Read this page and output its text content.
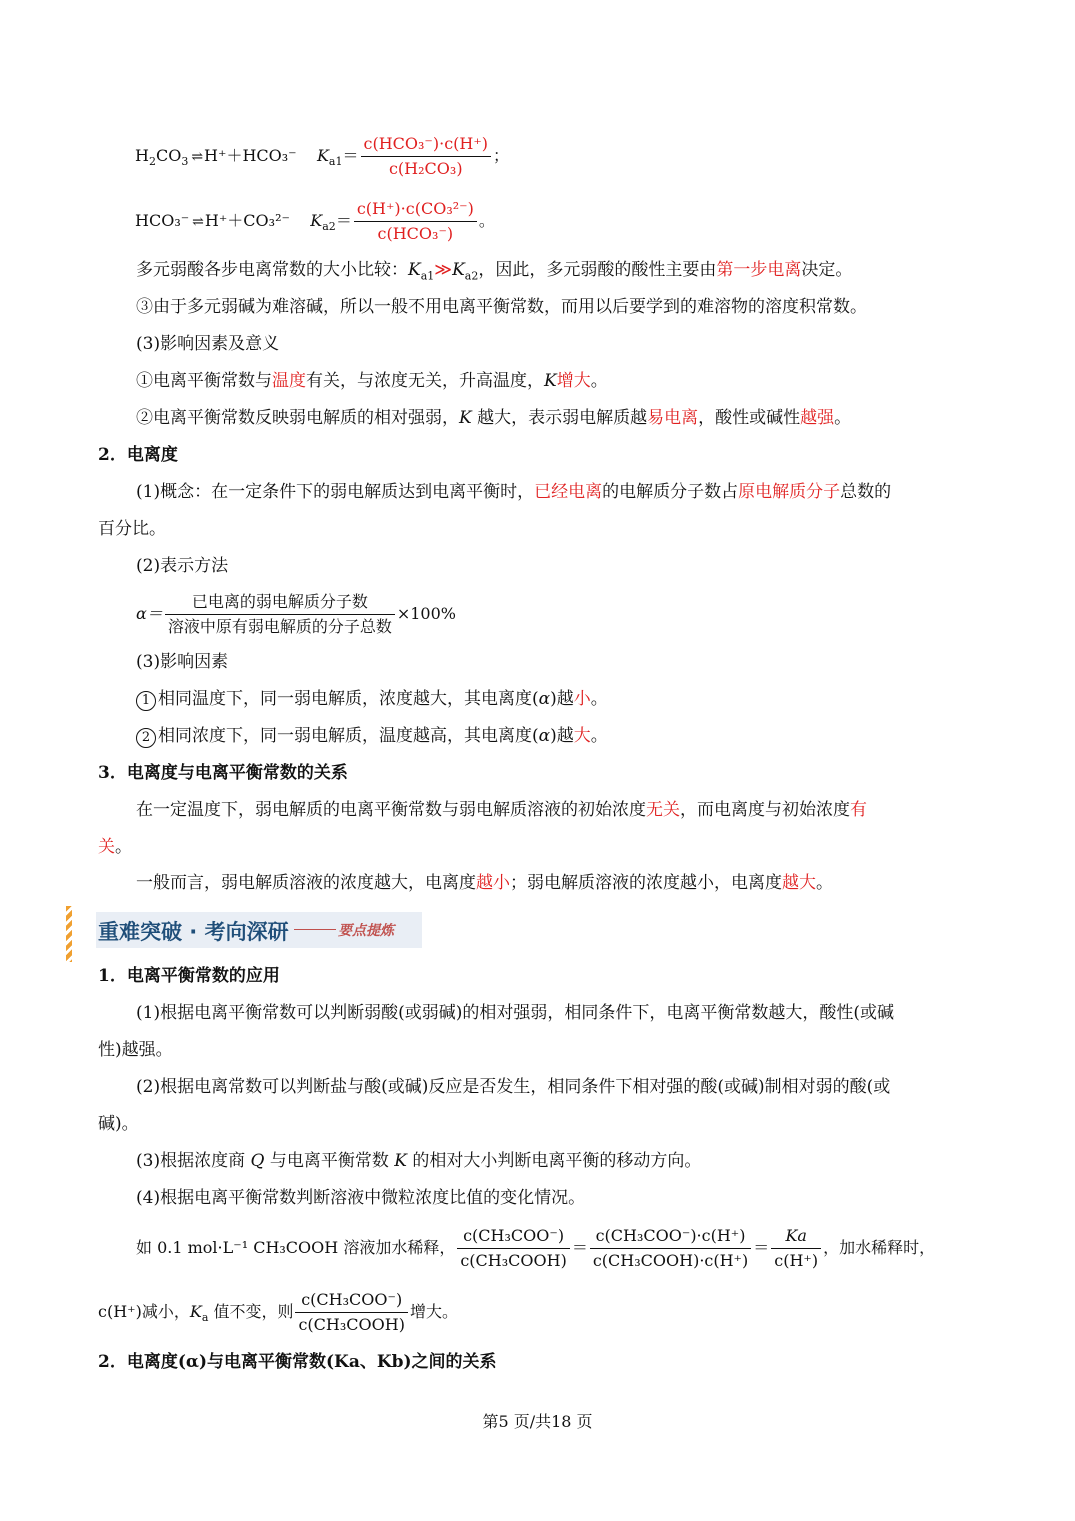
$H_2CO_3$ ⇌ H⁺＋HCO₃⁻ $K_{a1}= \frac{\text{c(HCO₃⁻)·c(H⁺)}}{\text{c(H₂CO₃)}}$ ；
HCO₃⁻ ⇌ H⁺＋CO₃²⁻ $K_{a2}= \frac{\text{c(H⁺)·c(CO₃²⁻)}}{\text{c(HCO₃⁻)}}$ 。
多元弱酸各步电离常数的大小比较：$K_{a1}≫K_{a2}$，因此，多元弱酸的酸性主要由第一步电离决定。
③由于多元弱碱为难溶碱，所以一般不用电离平衡常数，而用以后要学到的难溶物的溶度积常数。
(3)影响因素及意义
①电离平衡常数与温度有关，与浓度无关，升高温度，K增大。
②电离平衡常数反映弱电解质的相对强弱，K 越大，表示弱电解质越易电离，酸性或碱性越强。
2．电离度
(1)概念：在一定条件下的弱电解质达到电离平衡时，已经电离的电解质分子数占原电解质分子总数的
百分比。
(2)表示方法
$\alpha= \frac{\text{已电离的弱电解质分子数}}{\text{溶液中原有弱电解质的分子总数}} \times 100\%$
(3)影响因素
1 相同温度下，同一弱电解质，浓度越大，其电离度(α)越小。
2 相同浓度下，同一弱电解质，温度越高，其电离度(α)越大。
3．电离度与电离平衡常数的关系
在一定温度下，弱电解质的电离平衡常数与弱电解质溶液的初始浓度无关，而电离度与初始浓度有
关。
一般而言，弱电解质溶液的浓度越大，电离度越小；弱电解质溶液的浓度越小，电离度越大。
重难突破 · 考向深研	要点提炼
1．电离平衡常数的应用
(1)根据电离平衡常数可以判断弱酸(或弱碱)的相对强弱，相同条件下，电离平衡常数越大，酸性(或碱
性)越强。
(2)根据电离常数可以判断盐与酸(或碱)反应是否发生，相同条件下相对强的酸(或碱)制相对弱的酸(或
碱)。
(3)根据浓度商 Q 与电离平衡常数 K 的相对大小判断电离平衡的移动方向。
(4)根据电离平衡常数判断溶液中微粒浓度比值的变化情况。
如 0.1 mol·L⁻¹ CH₃COOH 溶液加水稀释， $\frac{\text{c(CH₃COO⁻)}}{\text{c(CH₃COOH)}} = \frac{\text{c(CH₃COO⁻)·c(H⁺)}}{\text{c(CH₃COOH)·c(H⁺)}} = \frac{Ka}{c(H^+)}$ ，加水稀释时，
c(H⁺)减小，$K_a$ 值不变，则 $\frac{\text{c(CH₃COO⁻)}}{\text{c(CH₃COOH)}}$ 增大。
2．电离度(α)与电离平衡常数(Ka、Kb)之间的关系
第5 页/共18 页
